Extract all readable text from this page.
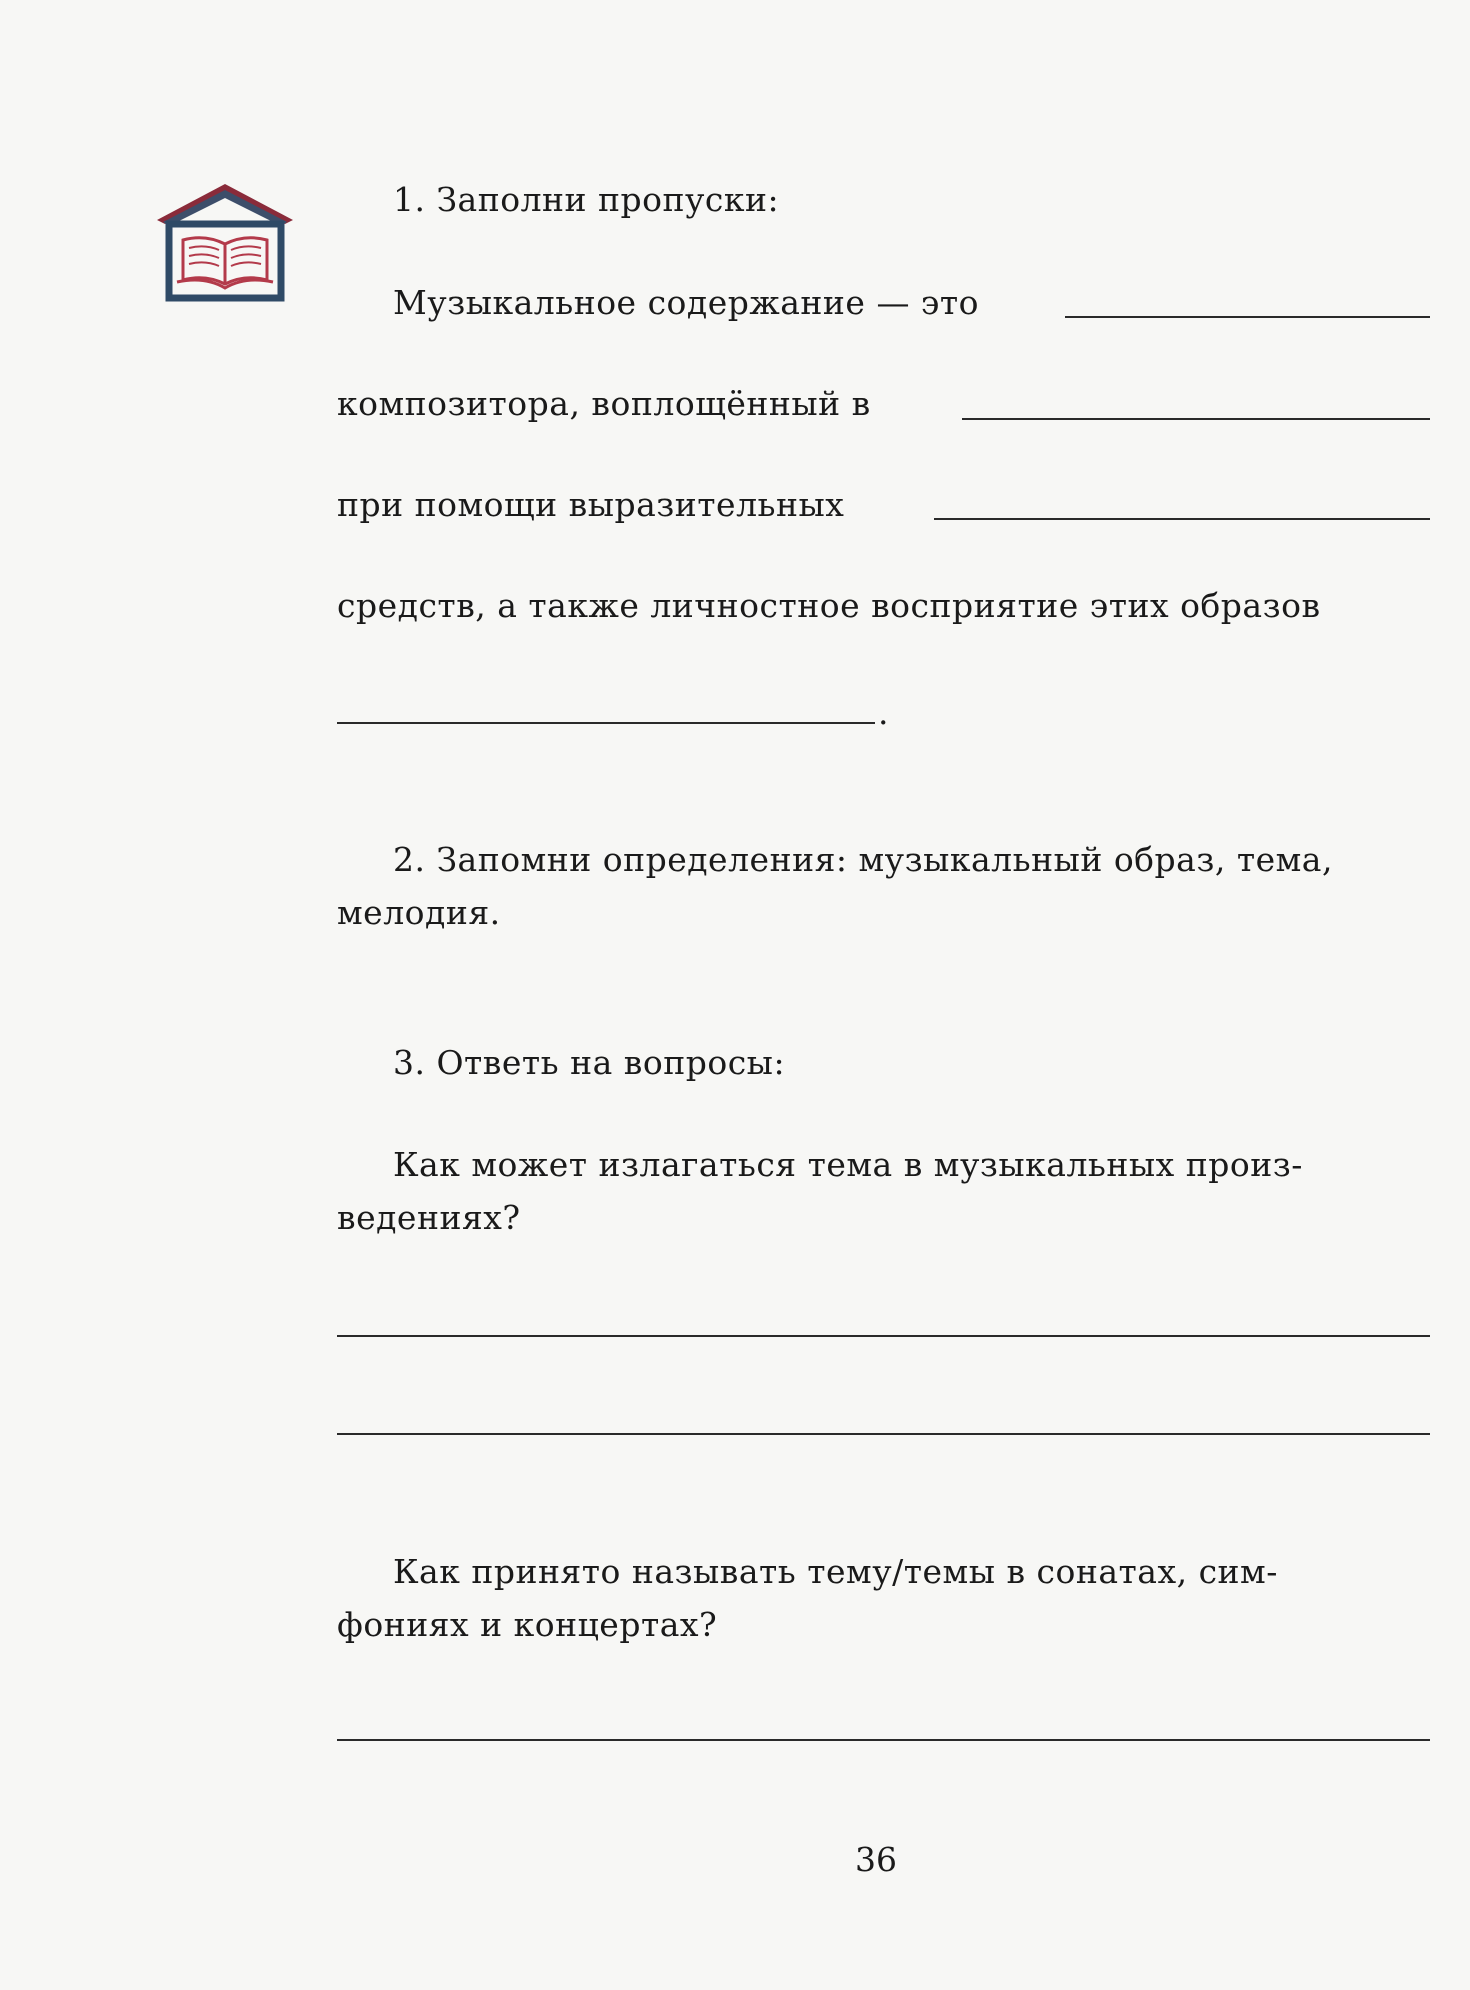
1. Заполни пропуски:
Музыкальное содержание — это
композитора, воплощённый в
при помощи выразительных
средств, а также личностное восприятие этих образов
.
2. Запомни определения: музыкальный образ, тема,
мелодия.
3. Ответь на вопросы:
Как может излагаться тема в музыкальных произ-
ведениях?
Как принято называть тему/темы в сонатах, сим-
фониях и концертах?
36
